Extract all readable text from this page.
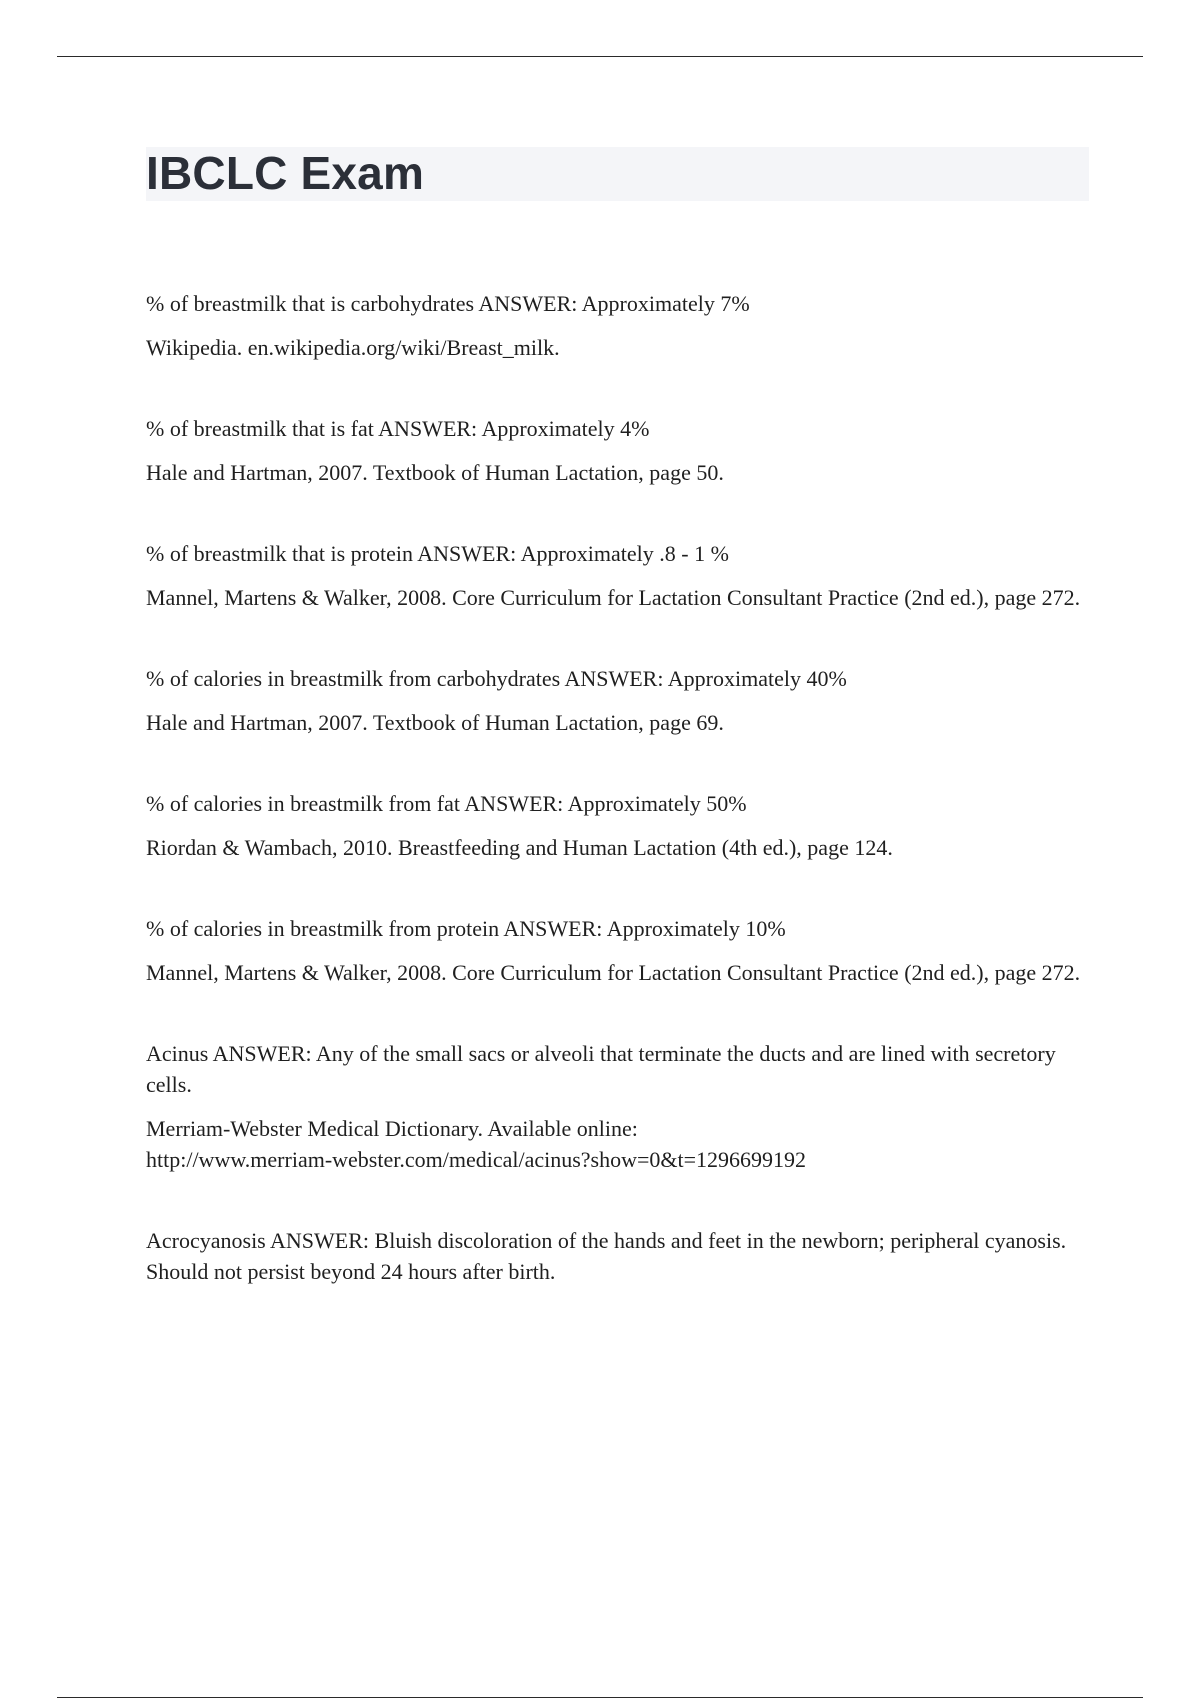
IBCLC Exam

% of breastmilk that is carbohydrates ANSWER: Approximately 7%

Wikipedia. en.wikipedia.org/wiki/Breast_milk.

% of breastmilk that is fat ANSWER: Approximately 4%

Hale and Hartman, 2007. Textbook of Human Lactation, page 50.

% of breastmilk that is protein ANSWER: Approximately .8 - 1 %

Mannel, Martens & Walker, 2008. Core Curriculum for Lactation Consultant Practice (2nd ed.), page 272.

% of calories in breastmilk from carbohydrates ANSWER: Approximately 40%

Hale and Hartman, 2007. Textbook of Human Lactation, page 69.

% of calories in breastmilk from fat ANSWER: Approximately 50%

Riordan & Wambach, 2010. Breastfeeding and Human Lactation (4th ed.), page 124.

% of calories in breastmilk from protein ANSWER: Approximately 10%

Mannel, Martens & Walker, 2008. Core Curriculum for Lactation Consultant Practice (2nd ed.), page 272.

Acinus ANSWER: Any of the small sacs or alveoli that terminate the ducts and are lined with secretory cells.

Merriam-Webster Medical Dictionary. Available online:
http://www.merriam-webster.com/medical/acinus?show=0&t=1296699192

Acrocyanosis ANSWER: Bluish discoloration of the hands and feet in the newborn; peripheral cyanosis. Should not persist beyond 24 hours after birth.
